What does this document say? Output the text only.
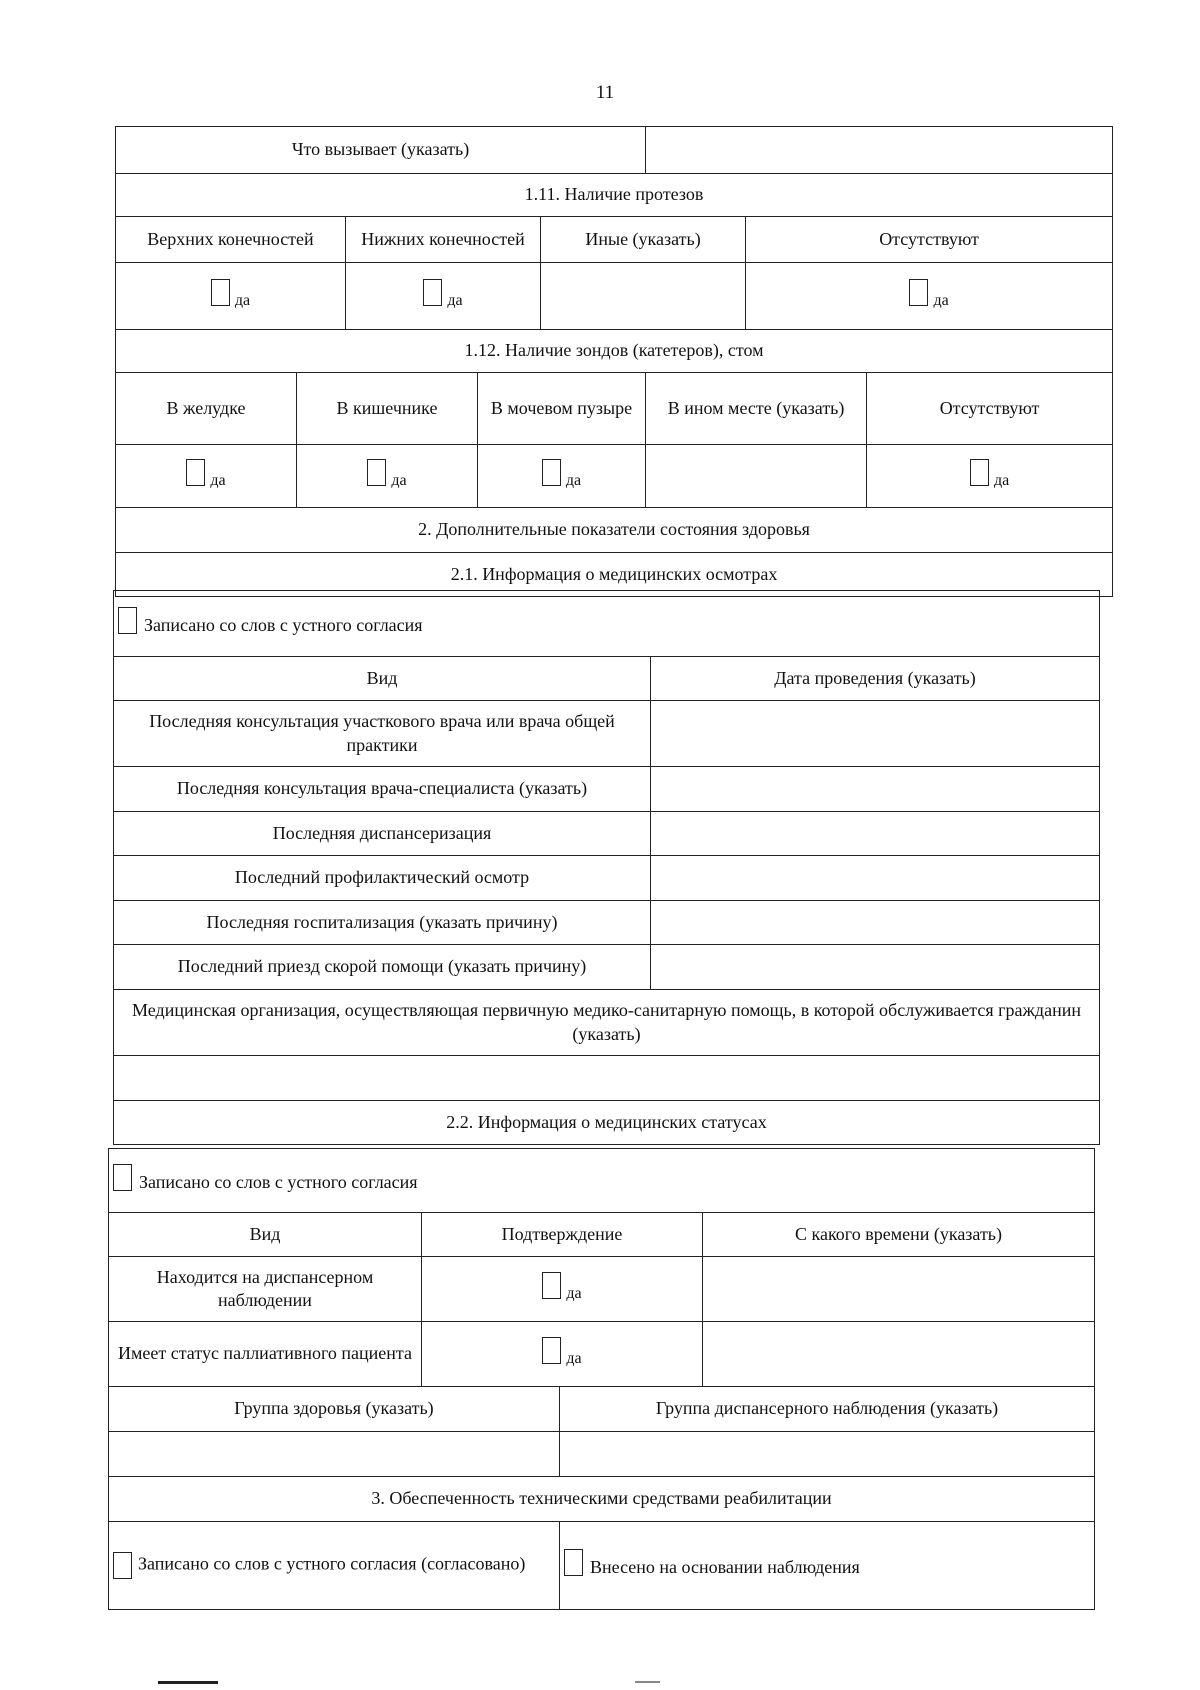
11
Что вызывает (указать)							
1.11. Наличие протезов							
Верхних конечностей		Нижних конечностей		Иные (указать)		Отсутствуют	

да		да				да	

1.12. Наличие зондов (катетеров), стом							
В желудке	В кишечнике		В мочевом пузыре		В ином месте (указать)		Отсутствуют

да	да		да				да

2. Дополнительные показатели состояния здоровья							
2.1. Информация о медицинских осмотрах							
Записано со слов с устного согласия	

Вид	Дата проведения (указать)
Последняя консультация участкового врача или врача общей практики	
Последняя консультация врача-специалиста (указать)	
Последняя диспансеризация	
Последний профилактический осмотр	
Последняя госпитализация (указать причину)	
Последний приезд скорой помощи (указать причину)	
Медицинская организация, осуществляющая первичную медико-санитарную помощь, в которой обслуживается гражданин (указать)	

2.2. Информация о медицинских статусах	
Записано со слов с устного согласия			

Вид	Подтверждение		С какого времени (указать)
Находится на диспансерном наблюдении	да		

Имеет статус паллиативного пациента	да		

Группа здоровья (указать)		Группа диспансерного наблюдения (указать)	

3. Обеспеченность техническими средствами реабилитации			
Записано со слов с устного согласия (согласовано)		Внесено на основании наблюдения	
